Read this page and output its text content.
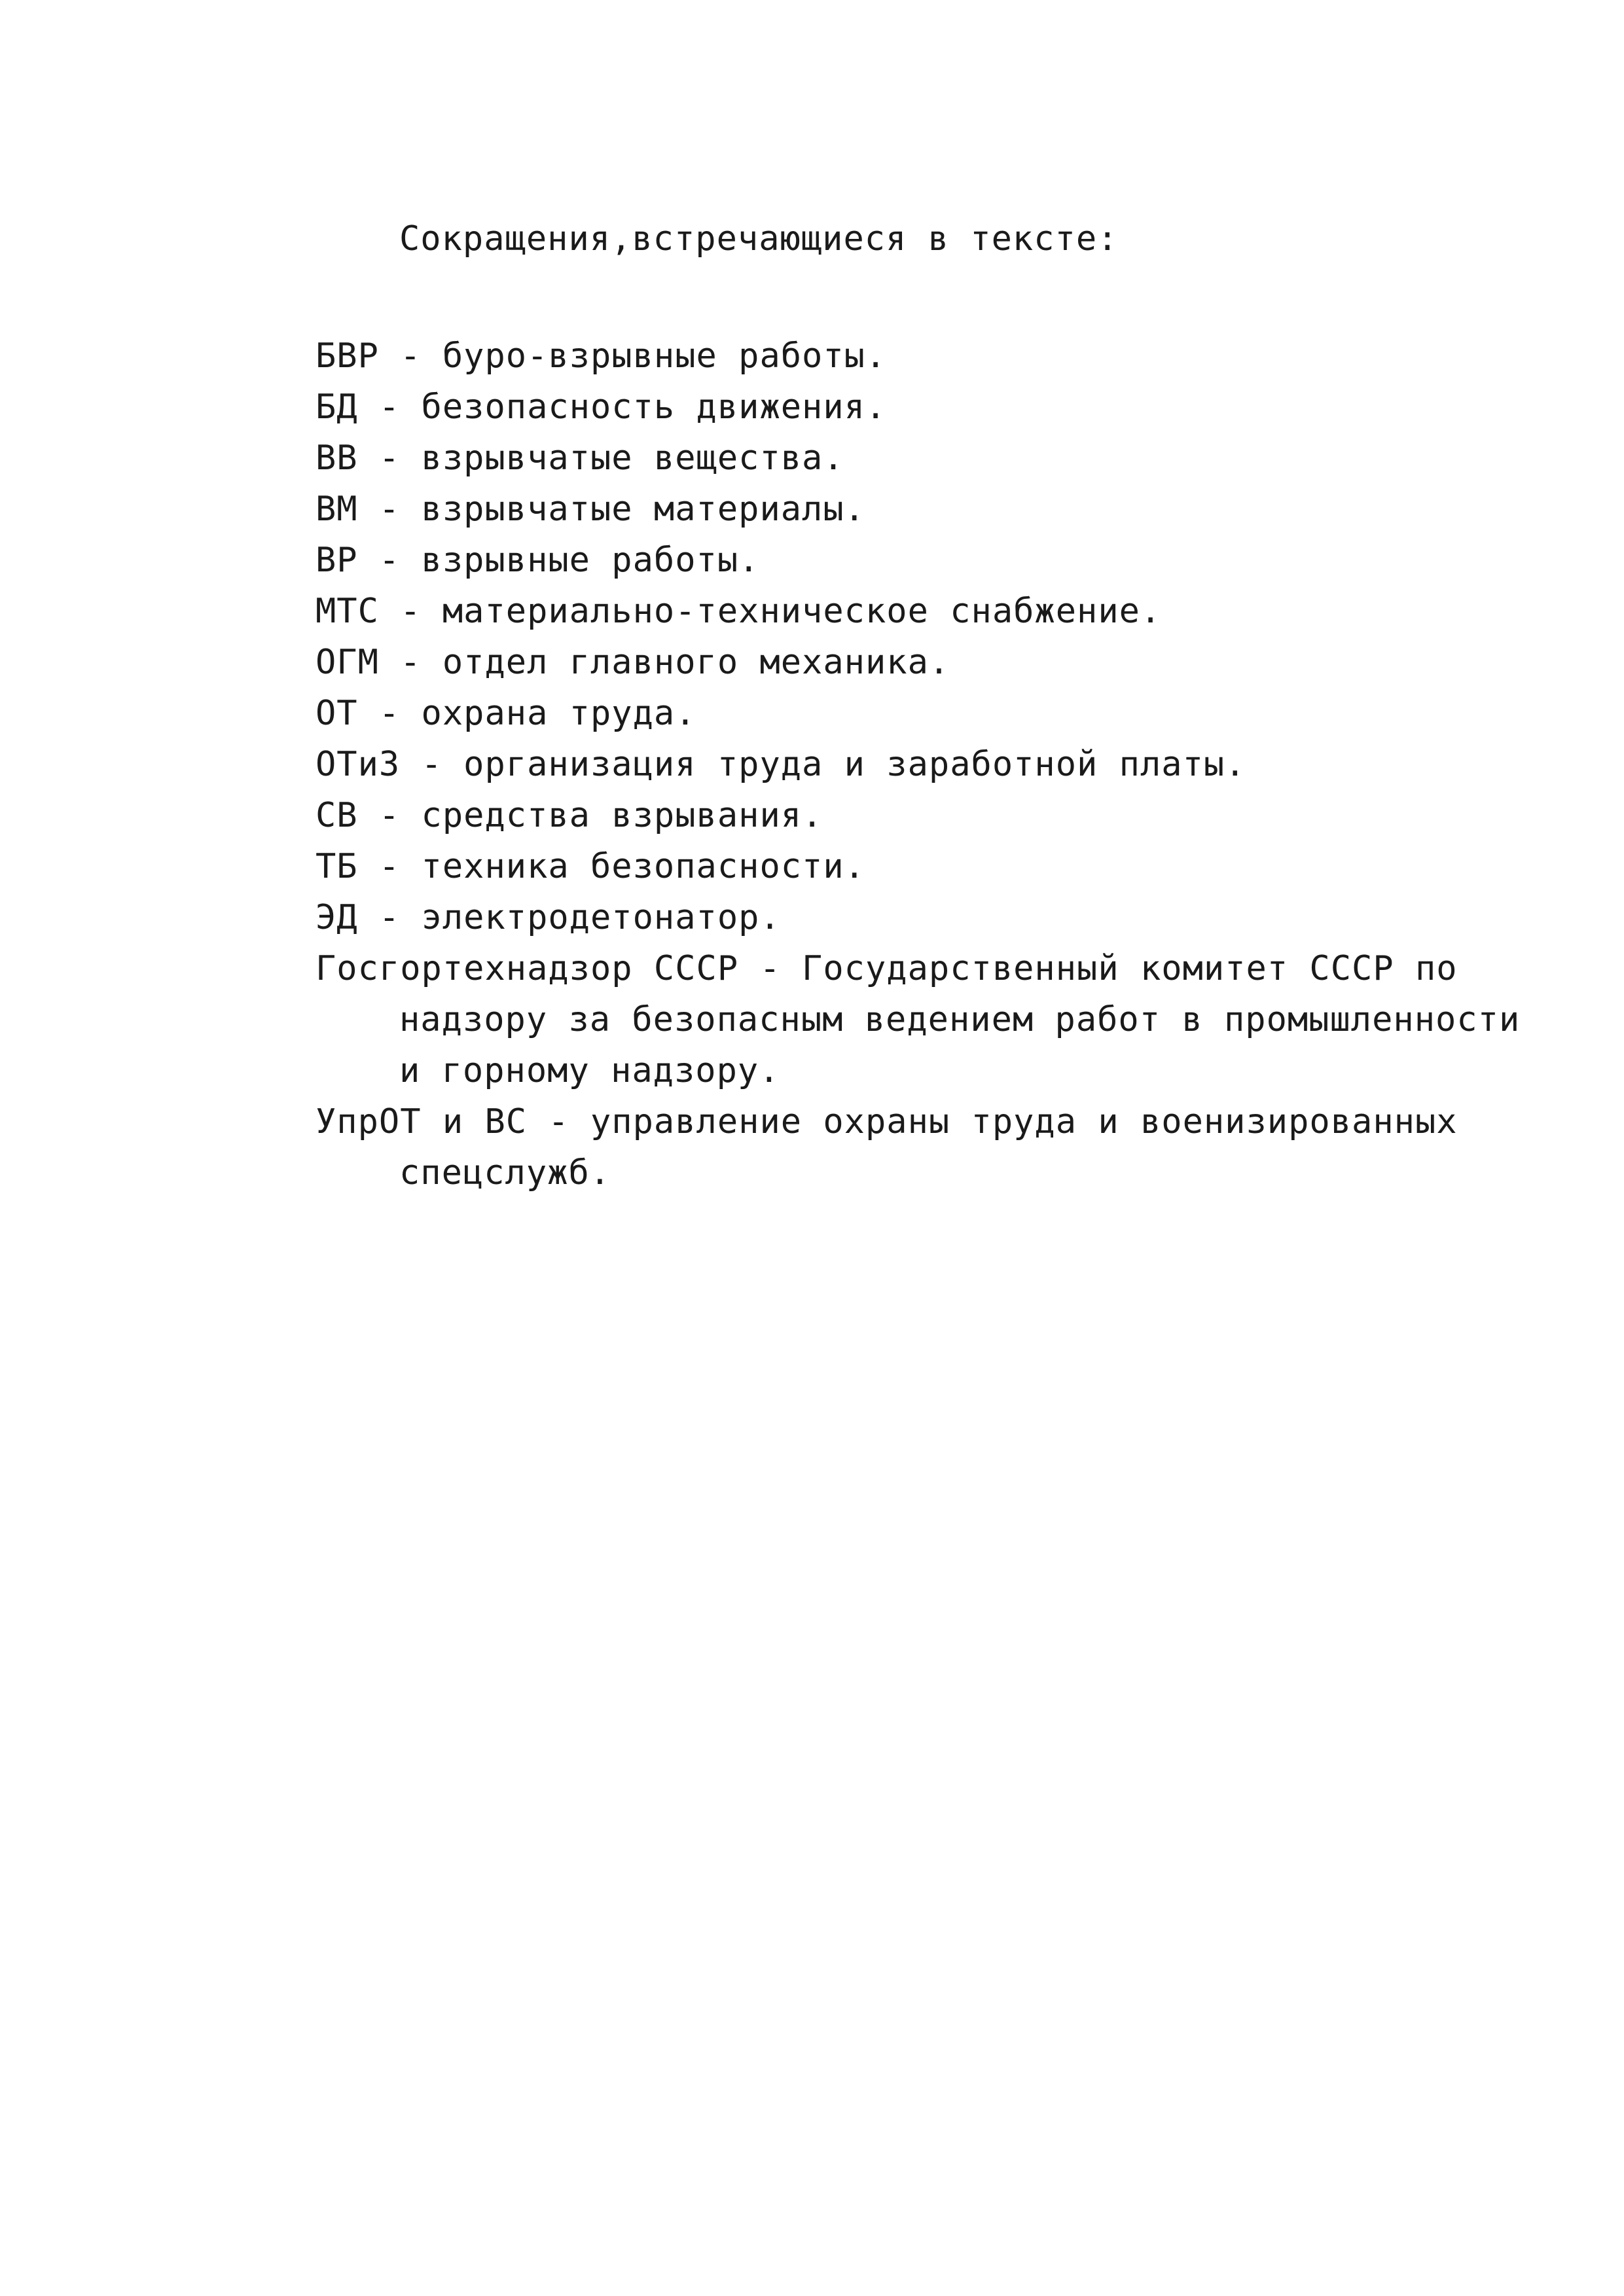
Сокращения,встречающиеся в тексте:
БВР - буро-взрывные работы.
БД - безопасность движения.
ВВ - взрывчатые вещества.
ВМ - взрывчатые материалы.
ВР - взрывные работы.
МТС - материально-техническое снабжение.
ОГМ - отдел главного механика.
ОТ - охрана труда.
ОТиЗ - организация труда и заработной платы.
СВ - средства взрывания.
ТБ - техника безопасности.
ЭД - электродетонатор.
Госгортехнадзор СССР - Государственный комитет СССР по
надзору за безопасным ведением работ в промышленности
и горному надзору.
УпрОТ и ВС - управление охраны труда и военизированных
спецслужб.
